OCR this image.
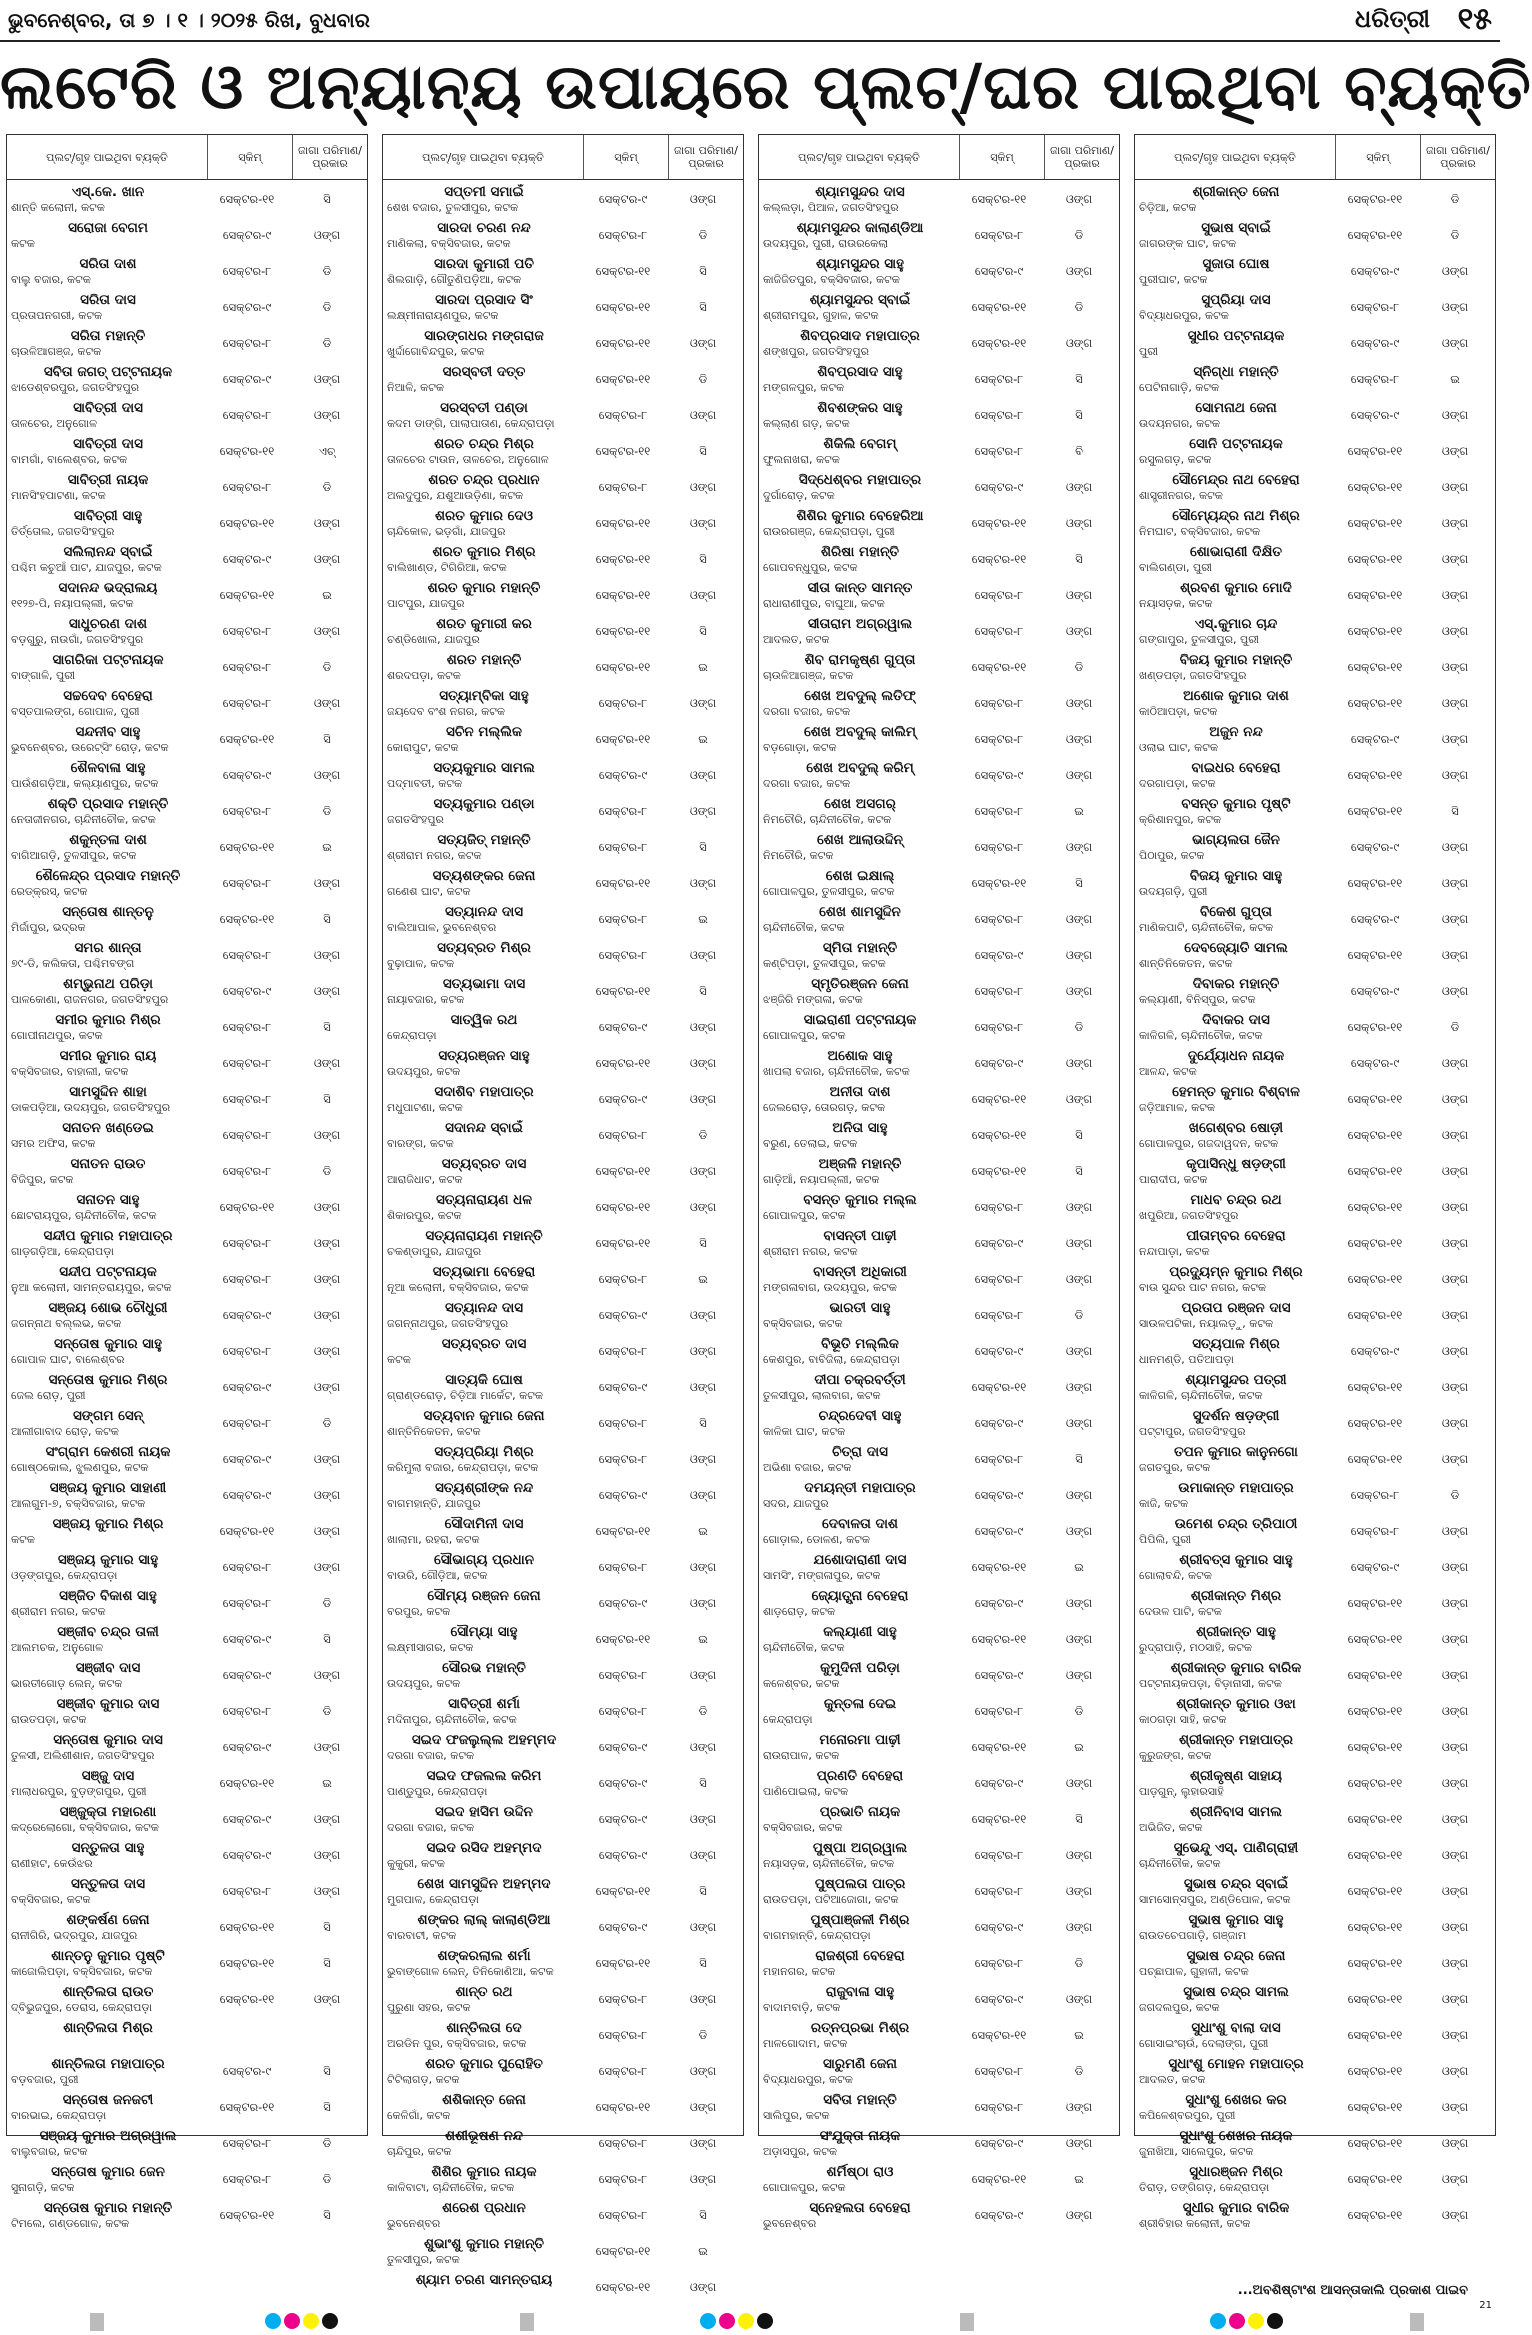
ଭୁବନେଶ୍ବର, ତା ୭ । ୧ । ୨୦୨୫ ରିଖ, ବୁଧବାର	ଧରିତ୍ରୀ ୧୫
ଲଟେରି ଓ ଅନ୍ୟାନ୍ୟ ଉପାୟରେ ପ୍ଲଟ୍‌/ଘର ପାଇଥିବା ବ୍ୟକ୍ତି
ପ୍ଲଟ୍‌/ଗୃହ ପାଇଥିବା ବ୍ୟକ୍ତି	ସ୍କିମ୍‌	ଜାଗା ପରିମାଣ/ ପ୍ରକାର
ଏସ୍‌.କେ. ଖାନ
ଶାନ୍ତି କଲୋନୀ, କଟକ
ସେକ୍ଟର-୧୧	ସି
ସରୋଜା ବେଗମ
କଟକ
ସେକ୍ଟର-୯	ଓଙ୍ଗ
ସରିତା ଦାଶ
ବାଲୁ ବଜାର, କଟକ
ସେକ୍ଟର-୮	ଡି
ସରିତା ଦାସ
ପ୍ରତାପନଗରୀ, କଟକ
ସେକ୍ଟର-୯	ଡି
ସରିତା ମହାନ୍ତି
ଚାଉଳିଆଗଞ୍ଜ, କଟକ
ସେକ୍ଟର-୮	ଡି
ସବିତା ଜଗତ୍ ପଟ୍ଟନାୟକ
ଝାଡେଶ୍ବରପୁର, ଜଗତସିଂହପୁର
ସେକ୍ଟର-୯	ଓଙ୍ଗ
ସାବିତ୍ରୀ ଦାସ
ତାଳଚେର, ଅନୁଗୋଳ
ସେକ୍ଟର-୮	ଓଙ୍ଗ
ସାବିତ୍ରୀ ଦାସ
ବାମଗାଁ, ବାଲେଶ୍ବର, କଟକ
ସେକ୍ଟର-୧୧	ଏଚ୍‌
ସାବିତ୍ରୀ ନାୟକ
ମାନସିଂହପାଟଣା, କଟକ
ସେକ୍ଟର-୮	ଡି
ସାବିତ୍ରୀ ସାହୁ
ତିର୍ତ୍ତୋଲ, ଜଗତସିଂହପୁର
ସେକ୍ଟର-୧୧	ଓଙ୍ଗ
ସଲିଲାନନ୍ଦ ସ୍ବାଇଁ
ପଶ୍ଚିମ କଚୁଆଁ ପାଟ, ଯାଜପୁର, କଟକ
ସେକ୍ଟର-୯	ଓଙ୍ଗ
ସଦାନନ୍ଦ ଭଦ୍ରାଲୟ
୧୧୨୭-ପି, ନୟାପଲ୍ଲୀ, କଟକ
ସେକ୍ଟର-୧୧	ଇ
ସାଧୁଚରଣ ଦାଶ
ବଡ଼ଗୁରୁ, ନାଉଗାଁ, ଜଗତସିଂହପୁର
ସେକ୍ଟର-୮	ଓଙ୍ଗ
ସାଗରିକା ପଟ୍ଟନାୟକ
ବାଙ୍ଗାଳି, ପୁରୀ
ସେକ୍ଟର-୮	ଡି
ସଚ୍ଚଦେବ ବେହେରା
ବସ୍ତପାଲଙ୍ଗ, ଗୋପାଳ, ପୁରୀ
ସେକ୍ଟର-୮	ଓଙ୍ଗ
ସନ୍ଦନୀବ ସାହୁ
ଭୁବନେଶ୍ବର, ଉରେଟ୍ସିଂ ରୋଡ଼, କଟକ
ସେକ୍ଟର-୧୧	ସି
ଶୈଳବାଳା ସାହୁ
ପାଉଁଶଗଡ଼ିଆ, କଲ୍ୟାଣପୁର, କଟକ
ସେକ୍ଟର-୯	ଓଙ୍ଗ
ଶକ୍ତି ପ୍ରସାଦ ମହାନ୍ତି
ନେତାଜୀନଗର, ଚାନ୍ଦିନୀଚୌକ, କଟକ
ସେକ୍ଟର-୮	ଡି
ଶକୁନ୍ତଳା ଦାଶ
ବାଗିଆଗଡ଼ି, ତୁଳସୀପୁର, କଟକ
ସେକ୍ଟର-୧୧	ଇ
ଶୈଳେନ୍ଦ୍ର ପ୍ରସାଦ ମହାନ୍ତି
ରେଡ୍‌କ୍ରସ୍, କଟକ
ସେକ୍ଟର-୮	ଓଙ୍ଗ
ସନ୍ତୋଷ ଶାନ୍ତନୁ
ମିର୍ଜାପୁର, ଭଦ୍ରକ
ସେକ୍ଟର-୧୧	ସି
ସମର ଶାନ୍ତା
୭୯-ଡି, କଲିକତା, ପଶ୍ଚିମବଙ୍ଗ
ସେକ୍ଟର-୮	ଓଙ୍ଗ
ଶମ୍ଭୁନାଥ ପରିଡ଼ା
ପାଳକୋଣା, ରାଜନଗର, ଜଗତସିଂହପୁର
ସେକ୍ଟର-୯	ଓଙ୍ଗ
ସମୀର କୁମାର ମିଶ୍ର
ଗୋପୀନାଥପୁର, କଟକ
ସେକ୍ଟର-୮	ସି
ସମୀର କୁମାର ରାୟ
ବକ୍ସିବଜାର, ବାହାଲୀ, କଟକ
ସେକ୍ଟର-୮	ଓଙ୍ଗ
ସାମସୁଦ୍ଦିନ ଶାହା
ଡାକପଡ଼ିଆ, ଉଦୟପୁର, ଜଗତସିଂହପୁର
ସେକ୍ଟର-୮	ସି
ସନାତନ ଖଣ୍ଡେଇ
ସମର ଅଫିସ, କଟକ
ସେକ୍ଟର-୮	ଓଙ୍ଗ
ସନାତନ ରାଉତ
ବିଜିପୁର, କଟକ
ସେକ୍ଟର-୮	ଡି
ସନାତନ ସାହୁ
ଛୋଟରାୟପୁର, ଚାନ୍ଦିନୀଚୌକ, କଟକ
ସେକ୍ଟର-୧୧	ଓଙ୍ଗ
ସନ୍ଦୀପ କୁମାର ମହାପାତ୍ର
ଗାଡ଼ଗଡ଼ିଆ, କେନ୍ଦ୍ରାପଡ଼ା
ସେକ୍ଟର-୮	ଓଙ୍ଗ
ସନ୍ଦୀପ ପଟ୍ଟନାୟକ
ନୁଆ କଲୋନୀ, ସାମନ୍ତରାୟପୁର, କଟକ
ସେକ୍ଟର-୮	ଓଙ୍ଗ
ସଞ୍ଜୟ ଶୋଭ ଚୌଧୁରୀ
ଜଗନ୍ନାଥ ବଲ୍ଲଭ, କଟକ
ସେକ୍ଟର-୯	ଓଙ୍ଗ
ସନ୍ତୋଷ କୁମାର ସାହୁ
ଗୋପାଳ ଘାଟ, ବାଲେଶ୍ବର
ସେକ୍ଟର-୮	ଓଙ୍ଗ
ସନ୍ତୋଷ କୁମାର ମିଶ୍ର
ଜେଲ ରୋଡ଼, ପୁରୀ
ସେକ୍ଟର-୯	ଓଙ୍ଗ
ସଙ୍ଗମ ସେନ୍
ଆଲୀଗାବାଦ ରୋଡ଼, କଟକ
ସେକ୍ଟର-୮	ଡି
ସଂଗ୍ରାମ କେଶରୀ ନାୟକ
ଗୋଷ୍ଠକୋଲ, ଝୁଲଣପୁର, କଟକ
ସେକ୍ଟର-୯	ଓଙ୍ଗ
ସଞ୍ଜୟ କୁମାର ସାହାଣୀ
ଆଲଗୁମ-୭, ବକ୍ସିବଜାର, କଟକ
ସେକ୍ଟର-୯	ଓଙ୍ଗ
ସଞ୍ଜୟ କୁମାର ମିଶ୍ର
କଟକ
ସେକ୍ଟର-୧୧	ଓଙ୍ଗ
ସଞ୍ଜୟ କୁମାର ସାହୁ
ଓଡ଼ଙ୍ଗପୁର, କେନ୍ଦ୍ରାପଡ଼ା
ସେକ୍ଟର-୮	ଓଙ୍ଗ
ସଞ୍ଜିତ ବିକାଶ ସାହୁ
ଶ୍ରୀରାମ ନଗର, କଟକ
ସେକ୍ଟର-୮	ଡି
ସଞ୍ଜୀବ ଚନ୍ଦ୍ର ତାଳୀ
ଆଲମଚକ, ଅନୁଗୋଳ
ସେକ୍ଟର-୯	ସି
ସଞ୍ଜୀବ ଦାସ
ଭାରତୀଗୋଡ଼ ଲେନ୍, କଟକ
ସେକ୍ଟର-୯	ଓଙ୍ଗ
ସଞ୍ଜୀବ କୁମାର ଦାସ
ରାଉତପଡ଼ା, କଟକ
ସେକ୍ଟର-୮	ଡି
ସନ୍ତୋଷ କୁମାର ଦାସ
ତୁଳସୀ, ଅଲିଶୀଶାନ, ଜଗତସିଂହପୁର
ସେକ୍ଟର-୯	ଓଙ୍ଗ
ସଞ୍ଜୁ ଦାସ
ମାଲାଧରପୁର, ବୁଡ଼ଙ୍ଗପୁର, ପୁରୀ
ସେକ୍ଟର-୧୧	ଇ
ସଞ୍ଜୁକ୍ତା ମହାରଣା
କଦ୍ରେଲୋଗୋ, ବକ୍ସିବଜାର, କଟକ
ସେକ୍ଟର-୯	ଓଙ୍ଗ
ସନ୍ତୁଳତା ସାହୁ
ରାଣୀହାଟ, କେଉଁଝର
ସେକ୍ଟର-୯	ଓଙ୍ଗ
ସନ୍ତୁଳତା ଦାସ
ବକ୍ସିବଜାର, କଟକ
ସେକ୍ଟର-୮	ଓଙ୍ଗ
ଶଙ୍କର୍ଷଣ ଜେନା
ରାନୀଗିରି, ଭଦ୍ରପୁର, ଯାଜପୁର
ସେକ୍ଟର-୧୧	ସି
ଶାନ୍ତନୁ କୁମାର ପୃଷ୍ଟି
କାଜୋଲିପଡ଼ା, ବକ୍ସିବଜାର, କଟକ
ସେକ୍ଟର-୧୧	ସି
ଶାନ୍ତିଲତା ରାଉତ
ଦ୍ବିଭୁଜପୁର, ଡେରାସ, କେନ୍ଦ୍ରାପଡ଼ା
ସେକ୍ଟର-୧୧	ଓଙ୍ଗ
ଶାନ୍ତିଲତା ମିଶ୍ର
ଶାନ୍ତିଲତା ମହାପାତ୍ର
ବଡ଼ବଜାର, ପୁରୀ
ସେକ୍ଟର-୯	ସି
ସନ୍ତୋଷ ଜନଜଟୀ
ବାରଭାଇ, କେନ୍ଦ୍ରାପଡ଼ା
ସେକ୍ଟର-୧୧	ସି
ସଞ୍ଜୟ କୁମାର ଅଗ୍ରୱାଲ
ବାଲୁବଜାର, କଟକ
ସେକ୍ଟର-୮	ଡି
ସନ୍ତୋଷ କୁମାର ଜେନ
ସୁନାଗଡ଼ି, କଟକ
ସେକ୍ଟର-୮	ଡି
ସନ୍ତୋଷ କୁମାର ମହାନ୍ତି
ଟିମଲେ, ଗଣ୍ଡଗୋଳ, କଟକ
ସେକ୍ଟର-୧୧	ସି
ପ୍ଲଟ୍‌/ଗୃହ ପାଇଥିବା ବ୍ୟକ୍ତି	ସ୍କିମ୍‌	ଜାଗା ପରିମାଣ/ ପ୍ରକାର
ସପ୍ତମୀ ସମାଇଁ
ଶେଖ ବଜାର, ତୁଳସୀପୁର, କଟକ
ସେକ୍ଟର-୯	ଓଙ୍ଗ
ସାରଦା ଚରଣ ନନ୍ଦ
ମାଣିକଲା, ବକ୍ସିବଜାର, କଟକ
ସେକ୍ଟର-୮	ଡି
ସାରଦା କୁମାରୀ ପତି
ଶିଲଗାଡ଼ି, ଗୌତୁଣିପଡ଼ିଆ, କଟକ
ସେକ୍ଟର-୧୧	ସି
ସାରଦା ପ୍ରସାଦ ସିଂ
ଲକ୍ଷ୍ମୀନାରାୟଣପୁର, କଟକ
ସେକ୍ଟର-୧୧	ସି
ସାରଙ୍ଗଧର ମଙ୍ଗରାଜ
ଖୁର୍ଦ୍ଦାଗୋବିନ୍ଦପୁର, କଟକ
ସେକ୍ଟର-୧୧	ଓଙ୍ଗ
ସରସ୍ବତୀ ଦତ୍ତ
ନିଆଳି, କଟକ
ସେକ୍ଟର-୧୧	ଡି
ସରସ୍ବତୀ ପଣ୍ଡା
କଦମ ଡାଙ୍ଗି, ପାଲାପାତାଣ, କେନ୍ଦ୍ରାପଡ଼ା
ସେକ୍ଟର-୮	ଓଙ୍ଗ
ଶରତ ଚନ୍ଦ୍ର ମିଶ୍ର
ତାଳଚେର ଟାଉନ, ତାଳଚେର, ଅନୁଗୋଳ
ସେକ୍ଟର-୧୧	ସି
ଶରତ ଚନ୍ଦ୍ର ପ୍ରଧାନ
ଅଲଦୁପୁର, ଯଶୁଆଉଡ଼ିଣା, କଟକ
ସେକ୍ଟର-୮	ଓଙ୍ଗ
ଶରତ କୁମାର ଦେଓ
ଚାନ୍ଦିକୋଳ, ଭଡ଼ଗାଁ, ଯାଜପୁର
ସେକ୍ଟର-୧୧	ଓଙ୍ଗ
ଶରତ କୁମାର ମିଶ୍ର
ବାଲିଖାଣ୍ଡ, ଟିଗିରିଆ, କଟକ
ସେକ୍ଟର-୧୧	ସି
ଶରତ କୁମାର ମହାନ୍ତି
ପାଟପୁର, ଯାଜପୁର
ସେକ୍ଟର-୧୧	ଓଙ୍ଗ
ଶରତ କୁମାରୀ କର
ଚଣ୍ଡିଖୋଲ, ଯାଜପୁର
ସେକ୍ଟର-୧୧	ସି
ଶରତ ମହାନ୍ତି
ଶରଦପଡ଼ା, କଟକ
ସେକ୍ଟର-୧୧	ଇ
ସତ୍ୟାମ୍ବିକା ସାହୁ
ଜୟଦେବ ବଂଶ ନଗର, କଟକ
ସେକ୍ଟର-୮	ଓଙ୍ଗ
ସଚିନ ମଲ୍ଲିକ
କୋରାପୁଟ, କଟକ
ସେକ୍ଟର-୧୧	ଇ
ସତ୍ୟକୁମାର ସାମଲ
ପଦ୍ମାବତୀ, କଟକ
ସେକ୍ଟର-୯	ଓଙ୍ଗ
ସତ୍ୟକୁମାର ପଣ୍ଡା
ଜଗତସିଂହପୁର
ସେକ୍ଟର-୮	ଓଙ୍ଗ
ସତ୍ୟଜିତ୍ ମହାନ୍ତି
ଶ୍ରୀରାମ ନଗର, କଟକ
ସେକ୍ଟର-୮	ସି
ସତ୍ୟଶଙ୍କର ଜେନା
ଗଣେଶ ଘାଟ, କଟକ
ସେକ୍ଟର-୧୧	ଓଙ୍ଗ
ସତ୍ୟାନନ୍ଦ ଦାସ
ବାଲିଆପାଳ, ଭୁବନେଶ୍ବର
ସେକ୍ଟର-୮	ଇ
ସତ୍ୟବ୍ରତ ମିଶ୍ର
ବୁଢ଼ାପାଳ, କଟକ
ସେକ୍ଟର-୮	ଓଙ୍ଗ
ସତ୍ୟଭାମା ଦାସ
ନାୟାବଜାର, କଟକ
ସେକ୍ଟର-୧୧	ସି
ସାତ୍ୱିକ ରଥ
କେନ୍ଦ୍ରାପଡ଼ା
ସେକ୍ଟର-୯	ଓଙ୍ଗ
ସତ୍ୟରଞ୍ଜନ ସାହୁ
ଉଦୟପୁର, କଟକ
ସେକ୍ଟର-୧୧	ଓଙ୍ଗ
ସଦାଶିବ ମହାପାତ୍ର
ମଧୁପାଟଣା, କଟକ
ସେକ୍ଟର-୯	ଓଙ୍ଗ
ସଦାନନ୍ଦ ସ୍ବାଇଁ
ବାରଙ୍ଗ, କଟକ
ସେକ୍ଟର-୮	ଡି
ସତ୍ୟବ୍ରତ ଦାସ
ଆରାଜିଧାଟ, କଟକ
ସେକ୍ଟର-୧୧	ଓଙ୍ଗ
ସତ୍ୟନାରାୟଣ ଧଳ
ଶିକାରପୁର, କଟକ
ସେକ୍ଟର-୧୧	ଓଙ୍ଗ
ସତ୍ୟନାରାୟଣ ମହାନ୍ତି
ଚକଣ୍ଡାପୁର, ଯାଜପୁର
ସେକ୍ଟର-୧୧	ସି
ସତ୍ୟଭାମା ବେହେରା
ନୂଆ କଲୋନୀ, ବକ୍ସିବଜାର, କଟକ
ସେକ୍ଟର-୮	ଇ
ସତ୍ୟାନନ୍ଦ ଦାସ
ଜଗନ୍ନାଥପୁର, ଜଗତସିଂହପୁର
ସେକ୍ଟର-୯	ଓଙ୍ଗ
ସତ୍ୟବ୍ରତ ଦାସ
କଟକ
ସେକ୍ଟର-୮	ଓଙ୍ଗ
ସାତ୍ୟକି ଘୋଷ
ଗ୍ରାଣ୍ଡରୋଡ଼, ଚିଡ଼ିଆ ମାର୍କେଟ, କଟକ
ସେକ୍ଟର-୯	ଓଙ୍ଗ
ସତ୍ୟବାନ କୁମାର ଜେନା
ଶାନ୍ତିନିକେତନ, କଟକ
ସେକ୍ଟର-୮	ସି
ସତ୍ୟପ୍ରିୟା ମିଶ୍ର
କରିମୁଲା ବଜାର, କେନ୍ଦ୍ରାପଡ଼ା, କଟକ
ସେକ୍ଟର-୮	ଓଙ୍ଗ
ସତ୍ୟଶ୍ରୀଙ୍କ ନନ୍ଦ
ବାଗମହାନ୍ତି, ଯାଜପୁର
ସେକ୍ଟର-୯	ଓଙ୍ଗ
ସୌଦାମିନୀ ଦାସ
ଖାଲାମା, ରହରା, କଟକ
ସେକ୍ଟର-୧୧	ଇ
ସୌଭାଗ୍ୟ ପ୍ରଧାନ
ବାଉରି, ଗୌଡ଼ିଆ, କଟକ
ସେକ୍ଟର-୮	ଓଙ୍ଗ
ସୌମ୍ୟ ରଞ୍ଜନ ଜେନା
ବରପୁର, କଟକ
ସେକ୍ଟର-୯	ଓଙ୍ଗ
ସୌମ୍ୟା ସାହୁ
ଲକ୍ଷ୍ମୀସାଗର, କଟକ
ସେକ୍ଟର-୧୧	ଇ
ସୌରଭ ମହାନ୍ତି
ଉଦୟପୁର, କଟକ
ସେକ୍ଟର-୮	ଓଙ୍ଗ
ସାବିତ୍ରୀ ଶର୍ମା
ମଦିନାପୁର, ଚାନ୍ଦିନୀଚୌକ, କଟକ
ସେକ୍ଟର-୮	ଡି
ସଇଦ ଫଜଲୁଲ୍ଲ ଅହମ୍ମଦ
ଦରଗା ବଜାର, କଟକ
ସେକ୍ଟର-୯	ଓଙ୍ଗ
ସଇଦ ଫଜଲଲ କରିମ
ପାଣ୍ଡୁପୁର, କେନ୍ଦ୍ରାପଡ଼ା
ସେକ୍ଟର-୯	ସି
ସଇଦ ହାସିମ ଉଦ୍ଦିନ
ଦରଗା ବଜାର, କଟକ
ସେକ୍ଟର-୯	ଓଙ୍ଗ
ସଇଦ ରସିଦ ଅହମ୍ମଦ
କୁକୁରୀ, କଟକ
ସେକ୍ଟର-୯	ଓଙ୍ଗ
ଶେଖ ସାମସୁଦ୍ଦିନ ଅହମ୍ମଦ
ମୁଗପାଳ, କେନ୍ଦ୍ରାପଡ଼ା
ସେକ୍ଟର-୧୧	ସି
ଶଙ୍କର ଲାଲ୍ କାଲାଣ୍ଡିଆ
ବାରବାଟୀ, କଟକ
ସେକ୍ଟର-୯	ଓଙ୍ଗ
ଶଙ୍କରଲାଲ ଶର୍ମା
ଭୁବାଙ୍ଗୋଳ ଲେନ୍, ତିନିକୋଣିଆ, କଟକ
ସେକ୍ଟର-୧୧	ସି
ଶାନ୍ତ ରଥ
ପୁରୁଣା ସହର, କଟକ
ସେକ୍ଟର-୮	ଓଙ୍ଗ
ଶାନ୍ତିଲତା ଦେ
ଅରଡିନ ପୁର, ବକ୍ସିବଜାର, କଟକ
ସେକ୍ଟର-୮	ଡି
ଶରତ କୁମାର ପୁରୋହିତ
ଟିଟିଲାଗଡ଼, କଟକ
ସେକ୍ଟର-୮	ଓଙ୍ଗ
ଶଶିକାନ୍ତ ଜେନା
କେଳିଗାଁ, କଟକ
ସେକ୍ଟର-୧୧	ଓଙ୍ଗ
ଶଶୀଭୂଷଣ ନନ୍ଦ
ଚାନ୍ଦିପୁର, କଟକ
ସେକ୍ଟର-୮	ଓଙ୍ଗ
ଶିଶିର କୁମାର ନାୟକ
କାଳିବାଟା, ଚାନ୍ଦିନୀଚୌକ, କଟକ
ସେକ୍ଟର-୮	ଓଙ୍ଗ
ଶରେଶ ପ୍ରଧାନ
ଭୁବନେଶ୍ବର
ସେକ୍ଟର-୮	ସି
ଶୁଭାଂଶୁ କୁମାର ମହାନ୍ତି
ତୁଳସୀପୁର, କଟକ
ସେକ୍ଟର-୧୧	ଇ
ଶ୍ୟାମ ଚରଣ ସାମନ୍ତରାୟ	ସେକ୍ଟର-୧୧	ଓଙ୍ଗ
ପ୍ଲଟ୍‌/ଗୃହ ପାଇଥିବା ବ୍ୟକ୍ତି	ସ୍କିମ୍‌	ଜାଗା ପରିମାଣ/ ପ୍ରକାର
ଶ୍ୟାମସୁନ୍ଦର ଦାସ
କଲ୍ଲଡ଼ା, ପିଆଳ, ଜଗତସିଂହପୁର
ସେକ୍ଟର-୧୧	ଓଙ୍ଗ
ଶ୍ୟାମସୁନ୍ଦର କାଲାଣ୍ଡିଆ
ଉଦୟପୁର, ପୁରୀ, ରାଉରକେଲା
ସେକ୍ଟର-୮	ଡି
ଶ୍ୟାମସୁନ୍ଦର ସାହୁ
କାଜିଜିତପୁର, ବକ୍ସିବଜାର, କଟକ
ସେକ୍ଟର-୯	ଓଙ୍ଗ
ଶ୍ୟାମସୁନ୍ଦର ସ୍ବାଇଁ
ଶ୍ରୀରାମପୁର, ଗୁହାଳ, କଟକ
ସେକ୍ଟର-୧୧	ଡି
ଶିବପ୍ରସାଦ ମହାପାତ୍ର
ଶଙ୍ଖପୁର, ଜଗତସିଂହପୁର
ସେକ୍ଟର-୧୧	ଓଙ୍ଗ
ଶିବପ୍ରସାଦ ସାହୁ
ମଙ୍ଗଳପୁର, କଟକ
ସେକ୍ଟର-୮	ସି
ଶିବଶଙ୍କର ସାହୁ
କଲ୍ଲାଣ ଗଡ଼, କଟକ
ସେକ୍ଟର-୮	ସି
ଶିକିଲି ବେଗମ୍
ଫୁଲନାଖରା, କଟକ
ସେକ୍ଟର-୮	ବି
ସିଦ୍ଧେଶ୍ବର ମହାପାତ୍ର
ଦୁର୍ଗାରୋଡ଼, କଟକ
ସେକ୍ଟର-୯	ଓଙ୍ଗ
ଶିଶିର କୁମାର ବେହେରିଆ
ରାଉରଗଞ୍ଜ, କେନ୍ଦ୍ରାପଡ଼ା, ପୁରୀ
ସେକ୍ଟର-୧୧	ଓଙ୍ଗ
ଶିରିଷା ମହାନ୍ତି
ଗୋପବନ୍ଧୁପୁର, କଟକ
ସେକ୍ଟର-୧୧	ସି
ସୀତା କାନ୍ତ ସାମନ୍ତ
ରାଧାରାଣୀପୁର, ବାଘୁଆ, କଟକ
ସେକ୍ଟର-୮	ଓଙ୍ଗ
ସୀତାରାମ ଅଗ୍ରୱାଲ
ଆଦଲତ, କଟକ
ସେକ୍ଟର-୮	ଓଙ୍ଗ
ଶିବ ରାମକୃଷ୍ଣ ଗୁପ୍ତା
ଚାଉଳିଆଗଞ୍ଜ, କଟକ
ସେକ୍ଟର-୧୧	ଡି
ଶେଖ ଅବଦୁଲ୍ ଲତିଫ୍
ଦରଗା ବଜାର, କଟକ
ସେକ୍ଟର-୮	ଓଙ୍ଗ
ଶେଖ ଅବଦୁଲ୍ କାଲିମ୍
ବଡ଼ଗୋଡ଼ା, କଟକ
ସେକ୍ଟର-୮	ଓଙ୍ଗ
ଶେଖ ଅବଦୁଲ୍ କରିମ୍
ଦରଗା ବଜାର, କଟକ
ସେକ୍ଟର-୯	ଓଙ୍ଗ
ଶେଖ ଅସଗର୍
ନିମଚୌରି, ଚାନ୍ଦିନୀଚୌକ, କଟକ
ସେକ୍ଟର-୮	ଇ
ଶେଖ ଆଲାଉଦ୍ଦିନ୍
ନିମଚୌରି, କଟକ
ସେକ୍ଟର-୮	ଓଙ୍ଗ
ଶେଖ ଇକ୍ଷାଲ୍
ଗୋପାଳପୁର, ତୁଳସୀପୁର, କଟକ
ସେକ୍ଟର-୧୧	ସି
ଶେଖ ଶାମସୁଦ୍ଦିନ
ଚାନ୍ଦିନୀଚୌକ, କଟକ
ସେକ୍ଟର-୮	ଓଙ୍ଗ
ସ୍ମିତା ମହାନ୍ତି
କଣ୍ଟିପଡ଼ା, ତୁଳସୀପୁର, କଟକ
ସେକ୍ଟର-୯	ଓଙ୍ଗ
ସ୍ମୃତିରଞ୍ଜନ ଜେନା
ଝଞ୍ଜିରି ମଙ୍ଗଳା, କଟକ
ସେକ୍ଟର-୮	ଓଙ୍ଗ
ସାଇରାଣୀ ପଟ୍ଟନାୟକ
ଗୋପାଳପୁର, କଟକ
ସେକ୍ଟର-୮	ଡି
ଅଶୋକ ସାହୁ
ଖାପଲା ବଜାର, ଚାନ୍ଦିନୀଚୌକ, କଟକ
ସେକ୍ଟର-୯	ଓଙ୍ଗ
ଅନୀତା ଦାଶ
ଜେଲରୋଡ଼, ତୋରଗଡ଼, କଟକ
ସେକ୍ଟର-୧୧	ଓଙ୍ଗ
ଅନିତା ସାହୁ
ବରୁଣ, ତେଲାଇ, କଟକ
ସେକ୍ଟର-୧୧	ସି
ଅଞ୍ଜଳି ମହାନ୍ତି
ଗାଡ଼ିଆଁ, ନୟାପଲ୍ଲୀ, କଟକ
ସେକ୍ଟର-୧୧	ସି
ବସନ୍ତ କୁମାର ମଲ୍ଲ
ଗୋପାଳପୁର, କଟକ
ସେକ୍ଟର-୮	ଓଙ୍ଗ
ବାସନ୍ତୀ ପାଢ଼ୀ
ଶ୍ରୀରାମ ନଗର, କଟକ
ସେକ୍ଟର-୯	ଓଙ୍ଗ
ବାସନ୍ତୀ ଅଧିକାରୀ
ମଙ୍ଗଳାବାଗ, ଉଦୟପୁର, କଟକ
ସେକ୍ଟର-୮	ଓଙ୍ଗ
ଭାରତୀ ସାହୁ
ବକ୍ସିବଜାର, କଟକ
ସେକ୍ଟର-୮	ଡି
ବିଭୂତି ମଲ୍ଲିକ
କେଶପୁର, ବାବିଜିଲା, କେନ୍ଦ୍ରାପଡ଼ା
ସେକ୍ଟର-୯	ଓଙ୍ଗ
ଦୀପା ଚକ୍ରବର୍ତ୍ତୀ
ତୁଳସୀପୁର, ଲାଲବାଗ, କଟକ
ସେକ୍ଟର-୧୧	ଓଙ୍ଗ
ଚନ୍ଦ୍ରଦେବୀ ସାହୁ
କାଳିକା ଘାଟ, କଟକ
ସେକ୍ଟର-୯	ଓଙ୍ଗ
ଚିତ୍ରା ଦାସ
ଅଭିଣା ବଜାର, କଟକ
ସେକ୍ଟର-୮	ସି
ଦମୟନ୍ତୀ ମହାପାତ୍ର
ସଦର, ଯାଜପୁର
ସେକ୍ଟର-୯	ଓଙ୍ଗ
ଦେବାଳତା ଦାଶ
ଗୋଡ଼ାଲ, ଡୋଳଣ, କଟକ
ସେକ୍ଟର-୯	ଓଙ୍ଗ
ଯଶୋଦାରାଣୀ ଦାସ
ସାମସିଂ, ମଙ୍ଗଳାପୁର, କଟକ
ସେକ୍ଟର-୧୧	ଇ
ଜ୍ୟୋତ୍ସ୍ନା ବେହେରା
ଶାଡ଼ରୋଡ଼, କଟକ
ସେକ୍ଟର-୯	ଓଙ୍ଗ
କଲ୍ୟାଣୀ ସାହୁ
ଚାନ୍ଦିନୀଚୌକ, କଟକ
ସେକ୍ଟର-୧୧	ଓଙ୍ଗ
କୁମୁଦିନୀ ପରିଡ଼ା
କଳେଶ୍ବର, କଟକ
ସେକ୍ଟର-୯	ଓଙ୍ଗ
କୁନ୍ତଳା ଦେଇ
କେନ୍ଦ୍ରାପଡ଼ା
ସେକ୍ଟର-୮	ଡି
ମନୋରମା ପାଢ଼ୀ
ରାଉରାପାଳ, କଟକ
ସେକ୍ଟର-୧୧	ଇ
ପ୍ରଣତି ବେହେରା
ପାଣିପୋଇଲା, କଟକ
ସେକ୍ଟର-୯	ଓଙ୍ଗ
ପ୍ରଭାତି ନାୟକ
ବକ୍ସିବଜାର, କଟକ
ସେକ୍ଟର-୧୧	ସି
ପୁଷ୍ପା ଅଗ୍ରୱାଲ
ନୟାସଡ଼କ, ଚାନ୍ଦିନୀଚୌକ, କଟକ
ସେକ୍ଟର-୮	ଓଙ୍ଗ
ପୁଷ୍ପଲତା ପାତ୍ର
ରାଉତପଡ଼ା, ପଟିଆଜୋଗା, କଟକ
ସେକ୍ଟର-୮	ଓଙ୍ଗ
ପୁଷ୍ପାଞ୍ଜଳୀ ମିଶ୍ର
ବାଗମହାନ୍ତି, କେନ୍ଦ୍ରାପଡ଼ା
ସେକ୍ଟର-୯	ଓଙ୍ଗ
ରାଜଶ୍ରୀ ବେହେରା
ମହାନଗର, କଟକ
ସେକ୍ଟର-୮	ଡି
ରାଜୁବାଳା ସାହୁ
ବାଦାମବାଡ଼ି, କଟକ
ସେକ୍ଟର-୯	ଓଙ୍ଗ
ରତ୍ନପ୍ରଭା ମିଶ୍ର
ମାଳଗୋଦାମ, କଟକ
ସେକ୍ଟର-୧୧	ଇ
ସାରୁମଣି ଜେନା
ବିଦ୍ୟାଧରପୁର, କଟକ
ସେକ୍ଟର-୮	ଡି
ସବିତା ମହାନ୍ତି
ସାଲିପୁର, କଟକ
ସେକ୍ଟର-୮	ଓଙ୍ଗ
ସଂଯୁକ୍ତା ନାୟକ
ଅଡ଼ାସପୁର, କଟକ
ସେକ୍ଟର-୯	ଓଙ୍ଗ
ଶର୍ମିଷ୍ଠା ରାଓ
ଗୋପାଳପୁର, କଟକ
ସେକ୍ଟର-୧୧	ଇ
ସ୍ନେହଲତା ବେହେରା
ଭୁବନେଶ୍ବର
ସେକ୍ଟର-୯	ଓଙ୍ଗ
ପ୍ଲଟ୍‌/ଗୃହ ପାଇଥିବା ବ୍ୟକ୍ତି	ସ୍କିମ୍‌	ଜାଗା ପରିମାଣ/ ପ୍ରକାର
ଶ୍ରୀକାନ୍ତ ଜେନା
ଚିଡ଼ିଆ, କଟକ
ସେକ୍ଟର-୧୧	ଡି
ସୁଭାଷ ସ୍ବାଇଁ
ଜାଗରଙ୍କ ଘାଟ, କଟକ
ସେକ୍ଟର-୧୧	ଡି
ସୁଜାତା ଘୋଷ
ପୁରୀଘାଟ, କଟକ
ସେକ୍ଟର-୯	ଓଙ୍ଗ
ସୁପ୍ରିୟା ଦାସ
ବିଦ୍ୟାଧରପୁର, କଟକ
ସେକ୍ଟର-୮	ଓଙ୍ଗ
ସୁଧୀର ପଟ୍ଟନାୟକ
ପୁରୀ
ସେକ୍ଟର-୯	ଓଙ୍ଗ
ସ୍ନିଗ୍ଧା ମହାନ୍ତି
ପେଟିନାଗାଡ଼ି, କଟକ
ସେକ୍ଟର-୮	ଇ
ସୋମନାଥ ଜେନା
ଉଦୟନଗର, କଟକ
ସେକ୍ଟର-୯	ଓଙ୍ଗ
ସୋନି ପଟ୍ଟନାୟକ
ରସୁଲଗଡ଼, କଟକ
ସେକ୍ଟର-୧୧	ଓଙ୍ଗ
ସୌମେନ୍ଦ୍ର ନାଥ ବେହେରା
ଶାସ୍ତ୍ରୀନଗର, କଟକ
ସେକ୍ଟର-୧୧	ଓଙ୍ଗ
ସୌମ୍ୟେନ୍ଦ୍ର ନାଥ ମିଶ୍ର
ନିମଘାଟ, ବକ୍ସିବଜାର, କଟକ
ସେକ୍ଟର-୧୧	ଓଙ୍ଗ
ଶୋଭାରାଣୀ ଦିକ୍ଷିତ
ବାଲିଗଣ୍ଡା, ପୁରୀ
ସେକ୍ଟର-୧୧	ଓଙ୍ଗ
ଶ୍ରବଣ କୁମାର ମୋଦି
ନୟାସଡ଼କ, କଟକ
ସେକ୍ଟର-୧୧	ଓଙ୍ଗ
ଏସ୍.କୁମାର ଚାନ୍ଦ
ଗଙ୍ଗାପୁର, ତୁଳସୀପୁର, ପୁରୀ
ସେକ୍ଟର-୧୧	ଓଙ୍ଗ
ବିଜୟ କୁମାର ମହାନ୍ତି
ଖଣ୍ଡପଡ଼ା, ଜଗତସିଂହପୁର
ସେକ୍ଟର-୧୧	ଓଙ୍ଗ
ଅଶୋକ କୁମାର ଦାଶ
କାଠିଆପଡ଼ା, କଟକ
ସେକ୍ଟର-୧୧	ଓଙ୍ଗ
ଅଜୁନ ନନ୍ଦ
ଓଲାଭ ଘାଟ, କଟକ
ସେକ୍ଟର-୯	ଓଙ୍ଗ
ବାଇଧର ବେହେରା
ଦରଗାପଡ଼ା, କଟକ
ସେକ୍ଟର-୧୧	ଓଙ୍ଗ
ବସନ୍ତ କୁମାର ପୃଷ୍ଟି
କ୍ରିଶାନପୁର, କଟକ
ସେକ୍ଟର-୧୧	ସି
ଭାଗ୍ୟଲତା ଜୈନ
ପିଠାପୁର, କଟକ
ସେକ୍ଟର-୯	ଓଙ୍ଗ
ବିଜୟ କୁମାର ସାହୁ
ଉଦୟଗଡ଼ି, ପୁରୀ
ସେକ୍ଟର-୧୧	ଓଙ୍ଗ
ବିକେଶ ଗୁପ୍ତା
ମାଣିକପାଟି, ଚାନ୍ଦିନୀଚୌକ, କଟକ
ସେକ୍ଟର-୯	ଓଙ୍ଗ
ଦେବଜ୍ୟୋତି ସାମଲ
ଶାନ୍ତିନିକେତନ, କଟକ
ସେକ୍ଟର-୧୧	ଓଙ୍ଗ
ଦିବାକର ମହାନ୍ତି
କଲ୍ୟାଣୀ, ବିନିସ୍ପୁର, କଟକ
ସେକ୍ଟର-୯	ଓଙ୍ଗ
ଦିବାକର ଦାସ
କାଳିଗଳି, ଚାନ୍ଦିନୀଚୌକ, କଟକ
ସେକ୍ଟର-୧୧	ଡି
ଦୁର୍ଯ୍ୟୋଧନ ନାୟକ
ଆଳନ୍ଦ, କଟକ
ସେକ୍ଟର-୯	ଓଙ୍ଗ
ହେମନ୍ତ କୁମାର ବିଶ୍ବାଳ
ଜଡ଼ିଆମାଳ, କଟକ
ସେକ୍ଟର-୧୧	ଓଙ୍ଗ
ଖଗେଶ୍ବର ଷୋଡ଼ୀ
ଗୋପାଳପୁର, ଗଜଦାୱଦନ, କଟକ
ସେକ୍ଟର-୧୧	ଓଙ୍ଗ
କୃପାସିନ୍ଧୁ ଷଡ଼ଙ୍ଗୀ
ପାରାଦୀପ, କଟକ
ସେକ୍ଟର-୧୧	ଓଙ୍ଗ
ମାଧବ ଚନ୍ଦ୍ର ରଥ
ଖପୁରିଆ, ଜଗତସିଂହପୁର
ସେକ୍ଟର-୧୧	ଓଙ୍ଗ
ପୀତାମ୍ବର ବେହେରା
ନନ୍ଦାପାଡ଼ା, କଟକ
ସେକ୍ଟର-୧୧	ଓଙ୍ଗ
ପ୍ରଦ୍ୟୁମ୍ନ କୁମାର ମିଶ୍ର
ବାଉ ସୁନ୍ଦର ପାଟ ନଗର, କଟକ
ସେକ୍ଟର-୧୧	ଓଙ୍ଗ
ପ୍ରତାପ ରଞ୍ଜନ ଦାସ
ସାଉଳପଟିକା, ନୟାଲଡ଼ୁ, କଟକ
ସେକ୍ଟର-୧୧	ଓଙ୍ଗ
ସତ୍ୟପାଳ ମିଶ୍ର
ଧାନମଣ୍ଡି, ପତିଆପଡ଼ା
ସେକ୍ଟର-୯	ଓଙ୍ଗ
ଶ୍ୟାମସୁନ୍ଦର ପତ୍ରୀ
କାଳିଗଳି, ଚାନ୍ଦିନୀଚୌକ, କଟକ
ସେକ୍ଟର-୧୧	ଓଙ୍ଗ
ସୁଦର୍ଶନ ଷଡ଼ଙ୍ଗୀ
ପଟ୍ଟାପୁର, ଜଗତସିଂହପୁର
ସେକ୍ଟର-୧୧	ଓଙ୍ଗ
ତପନ କୁମାର କାନୁନଗୋ
ଜଗତପୁର, କଟକ
ସେକ୍ଟର-୧୧	ଓଙ୍ଗ
ଉମାକାନ୍ତ ମହାପାତ୍ର
କାଜି, କଟକ
ସେକ୍ଟର-୮	ଡି
ଉମେଶ ଚନ୍ଦ୍ର ତ୍ରିପାଠୀ
ପିପିଲି, ପୁରୀ
ସେକ୍ଟର-୮	ଓଙ୍ଗ
ଶ୍ରୀବତ୍ସ କୁମାର ସାହୁ
ଗୋଲାବନ୍ଦି, କଟକ
ସେକ୍ଟର-୯	ଓଙ୍ଗ
ଶ୍ରୀକାନ୍ତ ମିଶ୍ର
ଦେଉଳ ପାଟି, କଟକ
ସେକ୍ଟର-୧୧	ଓଙ୍ଗ
ଶ୍ରୀକାନ୍ତ ସାହୁ
ରୁଦ୍ରାପାଡ଼ି, ମଠସାହି, କଟକ
ସେକ୍ଟର-୧୧	ଓଙ୍ଗ
ଶ୍ରୀକାନ୍ତ କୁମାର ବାରିକ
ପଟ୍ଟନାୟକପଡ଼ା, ବିଡ଼ାନାସୀ, କଟକ
ସେକ୍ଟର-୧୧	ଓଙ୍ଗ
ଶ୍ରୀକାନ୍ତ କୁମାର ଓଝା
କାଠଗଡ଼ା ସାହି, କଟକ
ସେକ୍ଟର-୧୧	ଓଙ୍ଗ
ଶ୍ରୀକାନ୍ତ ମହାପାତ୍ର
କୁରୁଜଙ୍ଗ, କଟକ
ସେକ୍ଟର-୧୧	ଓଙ୍ଗ
ଶ୍ରୀକୃଷ୍ଣ ସାହାୟ
ପାଡ଼ଗୁନ୍, ଲୁହାରସାହି
ସେକ୍ଟର-୧୧	ଓଙ୍ଗ
ଶ୍ରୀନିବାସ ସାମଲ
ଅଭିଜିତ, କଟକ
ସେକ୍ଟର-୧୧	ଓଙ୍ଗ
ସୁଭେନ୍ଦୁ ଏସ୍. ପାଣିଗ୍ରାହୀ
ଚାନ୍ଦିନୀଚୌକ, କଟକ
ସେକ୍ଟର-୧୧	ଓଙ୍ଗ
ସୁଭାଷ ଚନ୍ଦ୍ର ସ୍ବାଇଁ
ସାମସୋନ୍ସପୁର, ଅଣ୍ଡିପୋଳ, କଟକ
ସେକ୍ଟର-୧୧	ଓଙ୍ଗ
ସୁଭାଷ କୁମାର ସାହୁ
ରାଉତଚେପଗାଡ଼ି, ଗଞ୍ଜାମ
ସେକ୍ଟର-୧୧	ଓଙ୍ଗ
ସୁଭାଷ ଚନ୍ଦ୍ର ଜେନା
ପଚ୍ଛାପାଳ, ଗୁହାଳୀ, କଟକ
ସେକ୍ଟର-୧୧	ଓଙ୍ଗ
ସୁଭାଷ ଚନ୍ଦ୍ର ସାମଲ
ଜଗଦଲପୁର, କଟକ
ସେକ୍ଟର-୧୧	ଓଙ୍ଗ
ସୁଧାଂଶୁ ବାଲା ଦାସ
ଗୋସାଇଂଚାଉଁ, ଦେଲାଙ୍ଗ, ପୁରୀ
ସେକ୍ଟର-୧୧	ଓଙ୍ଗ
ସୁଧାଂଶୁ ମୋହନ ମହାପାତ୍ର
ଆଦଲତ, କଟକ
ସେକ୍ଟର-୧୧	ଓଙ୍ଗ
ସୁଧାଂଶୁ ଶେଖର କର
କପିଳେଶ୍ବରପୁର, ପୁରୀ
ସେକ୍ଟର-୧୧	ଓଙ୍ଗ
ସୁଧାଂଶୁ ଶେଖର ନାୟକ
ଜୁନାଖିଆ, ସାଲେପୁର, କଟକ
ସେକ୍ଟର-୧୧	ଓଙ୍ଗ
ସୁଧାରଞ୍ଜନ ମିଶ୍ର
ତିରାଡ଼, ତଙ୍ଗିଗଡ଼, କେନ୍ଦ୍ରାପଡ଼ା
ସେକ୍ଟର-୧୧	ଓଙ୍ଗ
ସୁଧୀର କୁମାର ବାରିକ
ଶ୍ରୀବିହାର କଲୋନୀ, କଟକ
ସେକ୍ଟର-୧୧	ଓଙ୍ଗ
...ଅବଶିଷ୍ଟାଂଶ ଆସନ୍ତାକାଲି ପ୍ରକାଶ ପାଇବ
21
